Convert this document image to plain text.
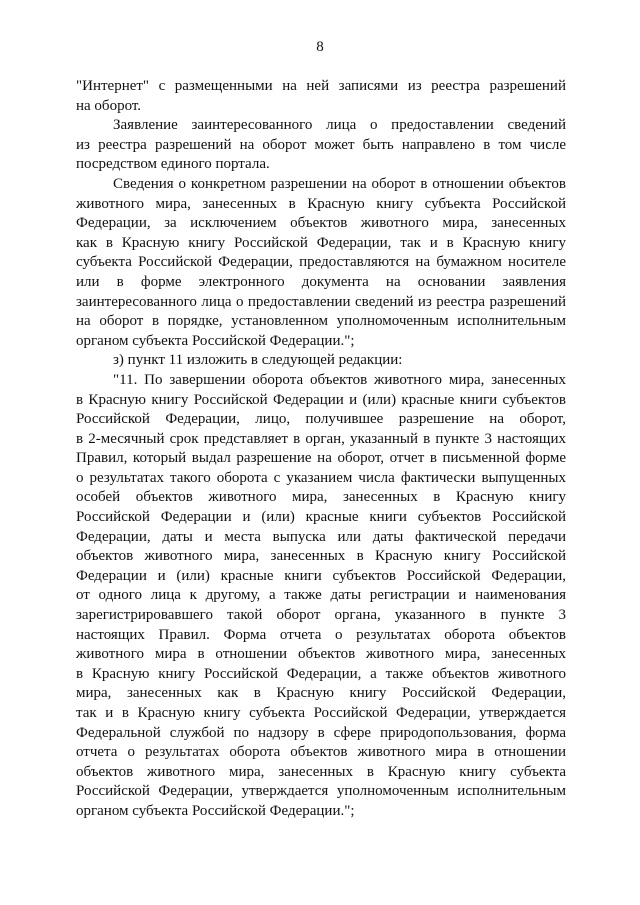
8
"Интернет" с размещенными на ней записями из реестра разрешений
на оборот.
Заявление заинтересованного лица о предоставлении сведений
из реестра разрешений на оборот может быть направлено в том числе
посредством единого портала.
Сведения о конкретном разрешении на оборот в отношении объектов
животного мира, занесенных в Красную книгу субъекта Российской
Федерации, за исключением объектов животного мира, занесенных
как в Красную книгу Российской Федерации, так и в Красную книгу
субъекта Российской Федерации, предоставляются на бумажном носителе
или в форме электронного документа на основании заявления
заинтересованного лица о предоставлении сведений из реестра разрешений
на оборот в порядке, установленном уполномоченным исполнительным
органом субъекта Российской Федерации.";
з) пункт 11 изложить в следующей редакции:
"11. По завершении оборота объектов животного мира, занесенных
в Красную книгу Российской Федерации и (или) красные книги субъектов
Российской Федерации, лицо, получившее разрешение на оборот,
в 2-месячный срок представляет в орган, указанный в пункте 3 настоящих
Правил, который выдал разрешение на оборот, отчет в письменной форме
о результатах такого оборота с указанием числа фактически выпущенных
особей объектов животного мира, занесенных в Красную книгу
Российской Федерации и (или) красные книги субъектов Российской
Федерации, даты и места выпуска или даты фактической передачи
объектов животного мира, занесенных в Красную книгу Российской
Федерации и (или) красные книги субъектов Российской Федерации,
от одного лица к другому, а также даты регистрации и наименования
зарегистрировавшего такой оборот органа, указанного в пункте 3
настоящих Правил. Форма отчета о результатах оборота объектов
животного мира в отношении объектов животного мира, занесенных
в Красную книгу Российской Федерации, а также объектов животного
мира, занесенных как в Красную книгу Российской Федерации,
так и в Красную книгу субъекта Российской Федерации, утверждается
Федеральной службой по надзору в сфере природопользования, форма
отчета о результатах оборота объектов животного мира в отношении
объектов животного мира, занесенных в Красную книгу субъекта
Российской Федерации, утверждается уполномоченным исполнительным
органом субъекта Российской Федерации.";
